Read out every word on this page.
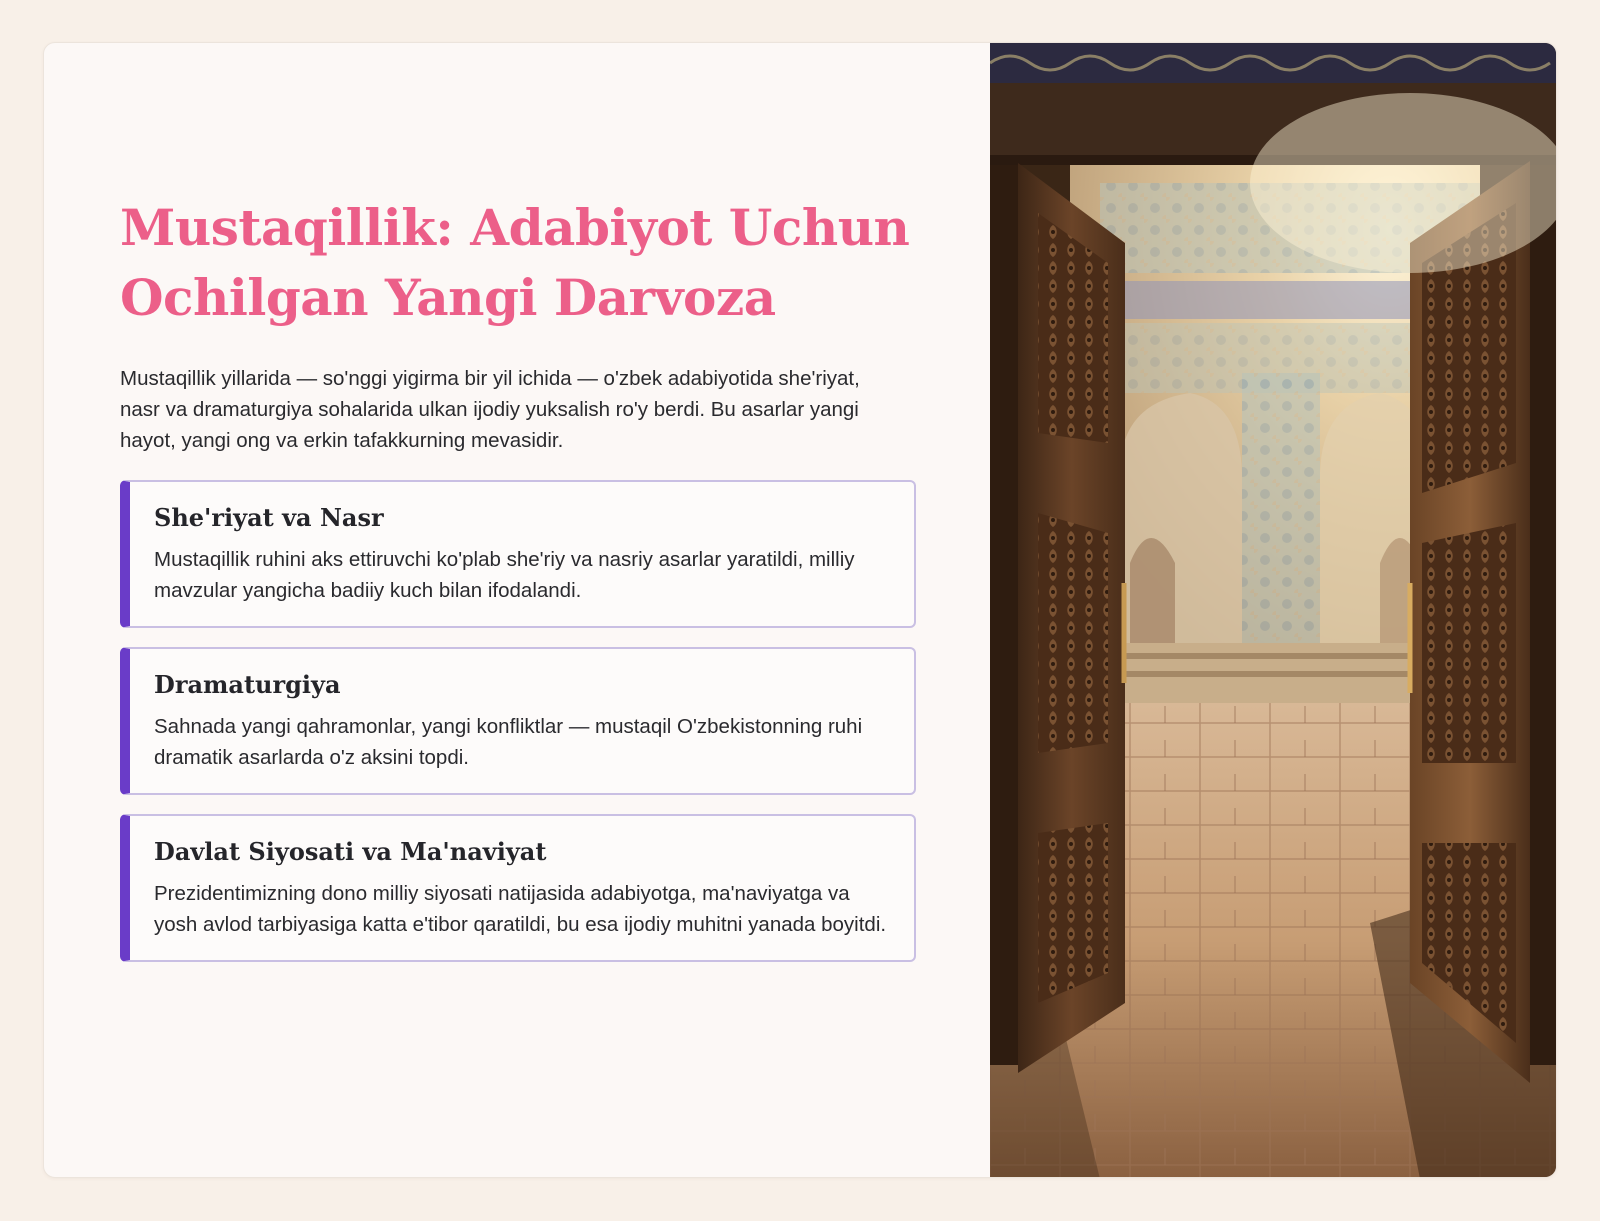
Mustaqillik: Adabiyot Uchun Ochilgan Yangi Darvoza

Mustaqillik yillarida — so'nggi yigirma bir yil ichida — o'zbek adabiyotida she'riyat, nasr va dramaturgiya sohalarida ulkan ijodiy yuksalish ro'y berdi. Bu asarlar yangi hayot, yangi ong va erkin tafakkurning mevasidir.

She'riyat va Nasr

Mustaqillik ruhini aks ettiruvchi ko'plab she'riy va nasriy asarlar yaratildi, milliy mavzular yangicha badiiy kuch bilan ifodalandi.

Dramaturgiya

Sahnada yangi qahramonlar, yangi konfliktlar — mustaqil O'zbekistonning ruhi dramatik asarlarda o'z aksini topdi.

Davlat Siyosati va Ma'naviyat

Prezidentimizning dono milliy siyosati natijasida adabiyotga, ma'naviyatga va yosh avlod tarbiyasiga katta e'tibor qaratildi, bu esa ijodiy muhitni yanada boyitdi.
